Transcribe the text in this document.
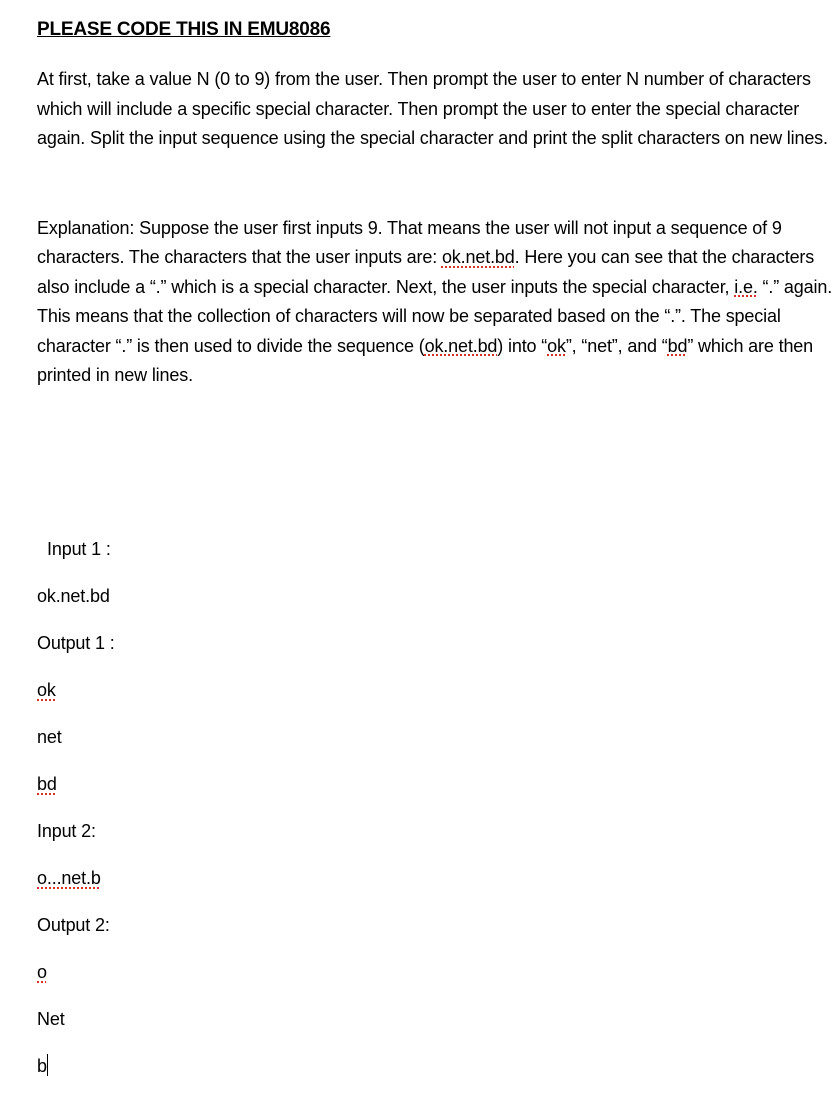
PLEASE CODE THIS IN EMU8086

At first, take a value N (0 to 9) from the user. Then prompt the user to enter N number of characters which will include a specific special character. Then prompt the user to enter the special character again. Split the input sequence using the special character and print the split characters on new lines.

Explanation: Suppose the user first inputs 9. That means the user will not input a sequence of 9 characters. The characters that the user inputs are: ok.net.bd. Here you can see that the characters also include a “.” which is a special character. Next, the user inputs the special character, i.e. “.” again. This means that the collection of characters will now be separated based on the “.”. The special character “.” is then used to divide the sequence (ok.net.bd) into “ok”, “net”, and “bd” which are then printed in new lines.

Input 1 :

ok.net.bd

Output 1 :

ok

net

bd

Input 2:

o...net.b

Output 2:

o

Net

b
